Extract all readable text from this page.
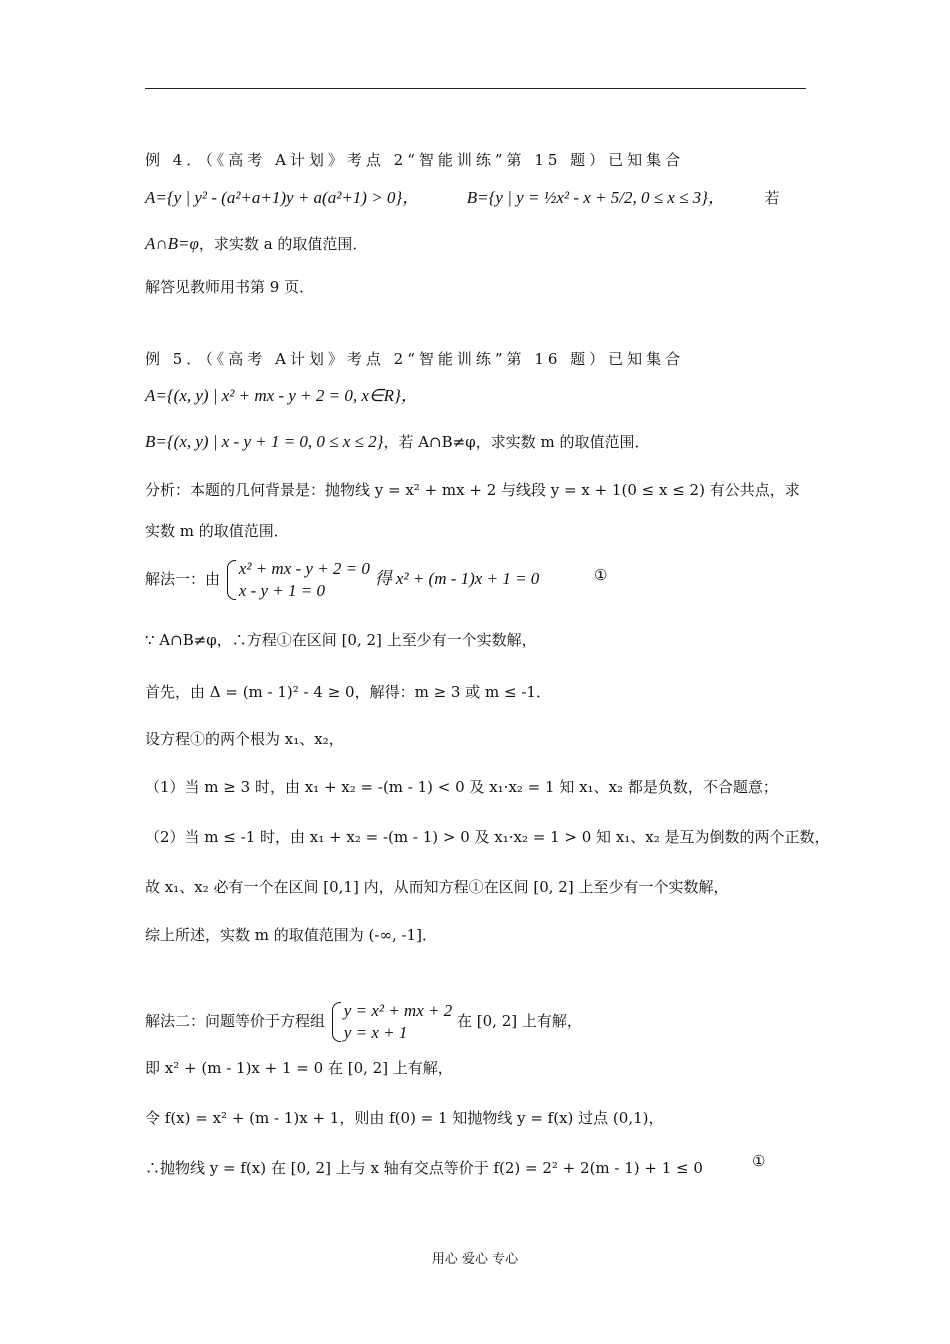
例 4．（《高考 A计划》考点 2“智能训练”第 15 题）已知集合
A={y | y² - (a²+a+1)y + a(a²+1) > 0}，	B={y | y = ½x² - x + 5/2, 0 ≤ x ≤ 3}，	若
A∩B=φ，求实数 a 的取值范围．
解答见教师用书第 9 页．
例 5．（《高考 A计划》考点 2“智能训练”第 16 题）已知集合
A={(x, y) | x² + mx - y + 2 = 0, x∈R}，
B={(x, y) | x - y + 1 = 0, 0 ≤ x ≤ 2}，若 A∩B≠φ，求实数 m 的取值范围．
分析：本题的几何背景是：抛物线 y = x² + mx + 2 与线段 y = x + 1(0 ≤ x ≤ 2) 有公共点，求
实数 m 的取值范围．
解法一：由
x² + mx - y + 2 = 0
x - y + 1 = 0
得 x² + (m - 1)x + 1 = 0	①
∵ A∩B≠φ，∴方程①在区间 [0, 2] 上至少有一个实数解，
首先，由 Δ = (m - 1)² - 4 ≥ 0，解得：m ≥ 3 或 m ≤ -1．
设方程①的两个根为 x₁、x₂，
（1）当 m ≥ 3 时，由 x₁ + x₂ = -(m - 1) < 0 及 x₁·x₂ = 1 知 x₁、x₂ 都是负数，不合题意；
（2）当 m ≤ -1 时，由 x₁ + x₂ = -(m - 1) > 0 及 x₁·x₂ = 1 > 0 知 x₁、x₂ 是互为倒数的两个正数，
故 x₁、x₂ 必有一个在区间 [0,1] 内，从而知方程①在区间 [0, 2] 上至少有一个实数解，
综上所述，实数 m 的取值范围为 (-∞, -1]．
解法二：问题等价于方程组
y = x² + mx + 2
y = x + 1
在 [0, 2] 上有解，
即 x² + (m - 1)x + 1 = 0 在 [0, 2] 上有解，
令 f(x) = x² + (m - 1)x + 1，则由 f(0) = 1 知抛物线 y = f(x) 过点 (0,1)，
∴抛物线 y = f(x) 在 [0, 2] 上与 x 轴有交点等价于 f(2) = 2² + 2(m - 1) + 1 ≤ 0	①
用心 爱心 专心
